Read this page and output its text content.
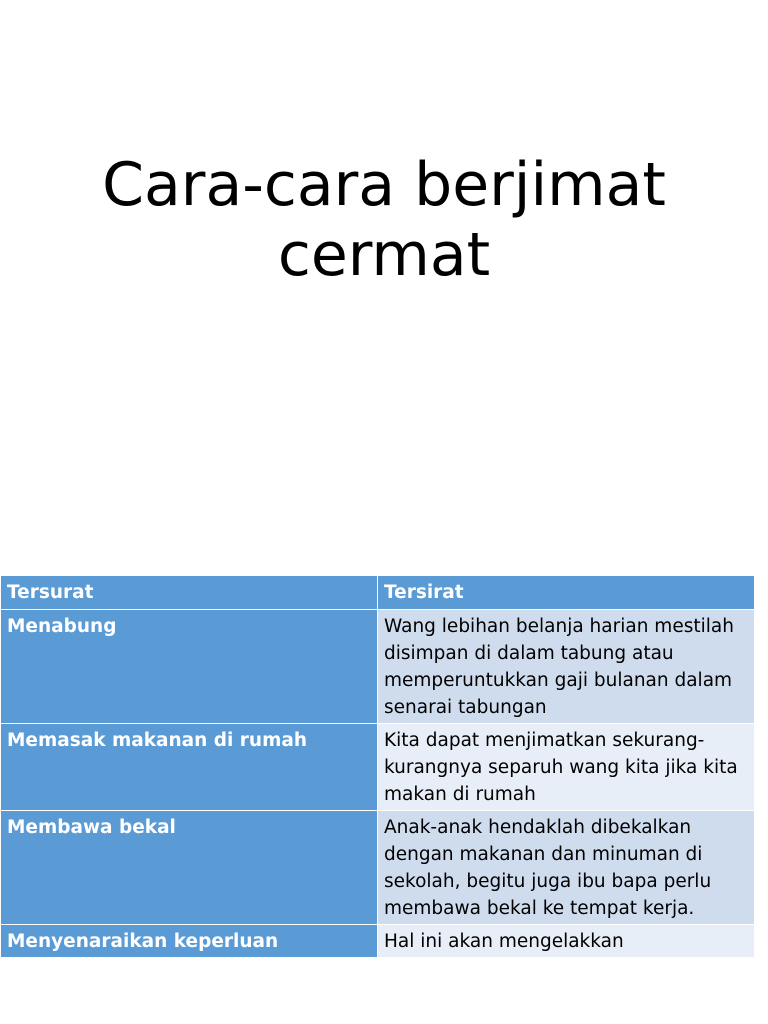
Cara-cara berjimat
cermat
Tersurat	Tersirat
Menabung	Wang lebihan belanja harian mestilah disimpan di dalam tabung atau memperuntukkan gaji bulanan dalam senarai tabungan
Memasak makanan di rumah	Kita dapat menjimatkan sekurang-kurangnya separuh wang kita jika kita makan di rumah
Membawa bekal	Anak-anak hendaklah dibekalkan dengan makanan dan minuman di sekolah, begitu juga ibu bapa perlu membawa bekal ke tempat kerja.
Menyenaraikan keperluan	Hal ini akan mengelakkan
